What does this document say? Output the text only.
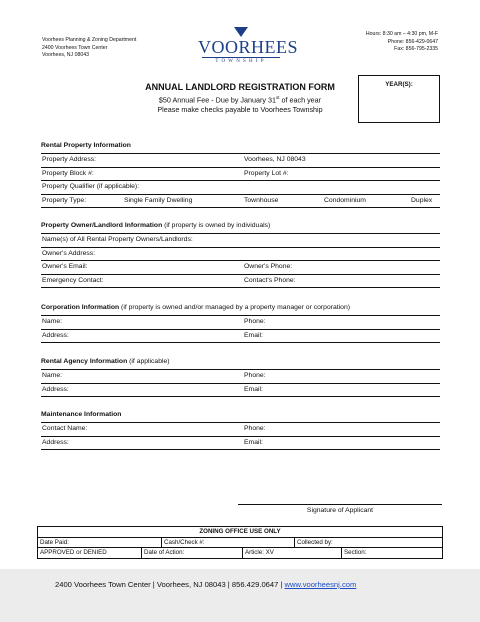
Voorhees Planning & Zoning Department
2400 Voorhees Town Center
Voorhees, NJ 08043	VOORHEES
TOWNSHIP
Hours: 8:30 am – 4:30 pm, M-F
Phone: 856-429-0647
Fax: 856-795-2335
ANNUAL LANDLORD REGISTRATION FORM
$50 Annual Fee - Due by January 31st of each year
Please make checks payable to Voorhees Township
YEAR(S):
Rental Property Information
Property Address:	Voorhees, NJ 08043
Property Block #:	Property Lot #:
Property Qualifier (if applicable):
Property Type:	Single Family Dwelling	Townhouse	Condominium	Duplex
Property Owner/Landlord Information (if property is owned by individuals)
Name(s) of All Rental Property Owners/Landlords:
Owner's Address:
Owner's Email:	Owner's Phone:
Emergency Contact:	Contact's Phone:
Corporation Information (if property is owned and/or managed by a property manager or corporation)
Name:	Phone:
Address:	Email:
Rental Agency Information (if applicable)
Name:	Phone:
Address:	Email:
Maintenance Information
Contact Name:	Phone:
Address:	Email:
Signature of Applicant
ZONING OFFICE USE ONLY
Date Paid:	Cash/Check #:	Collected by:
APPROVED or DENIED	Date of Action:	Article: XV	Section:
2400 Voorhees Town Center | Voorhees, NJ 08043 | 856.429.0647 | www.voorheesnj.com
